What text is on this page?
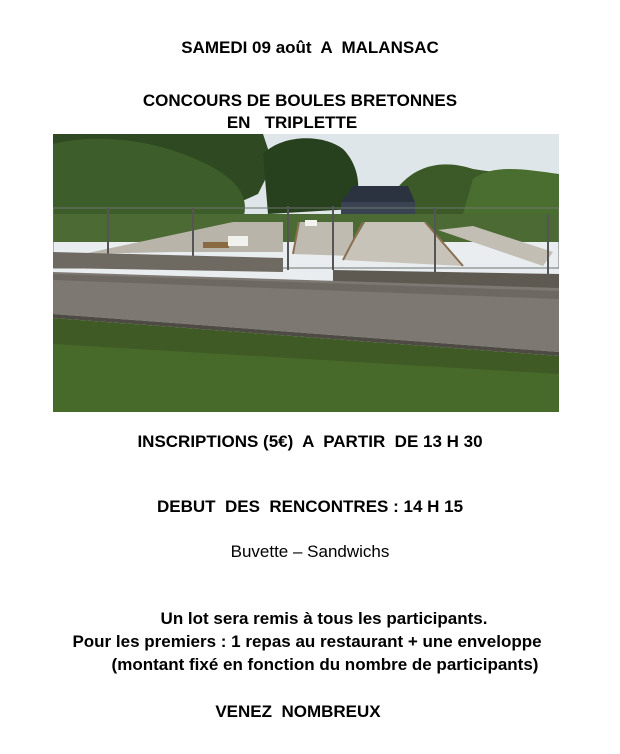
SAMEDI 09 août  A  MALANSAC
CONCOURS DE BOULES BRETONNES
EN   TRIPLETTE
INSCRIPTIONS (5€)  A  PARTIR  DE 13 H 30
DEBUT  DES  RENCONTRES : 14 H 15
Buvette – Sandwichs
Un lot sera remis à tous les participants.
Pour les premiers : 1 repas au restaurant + une enveloppe
(montant fixé en fonction du nombre de participants)
VENEZ  NOMBREUX
